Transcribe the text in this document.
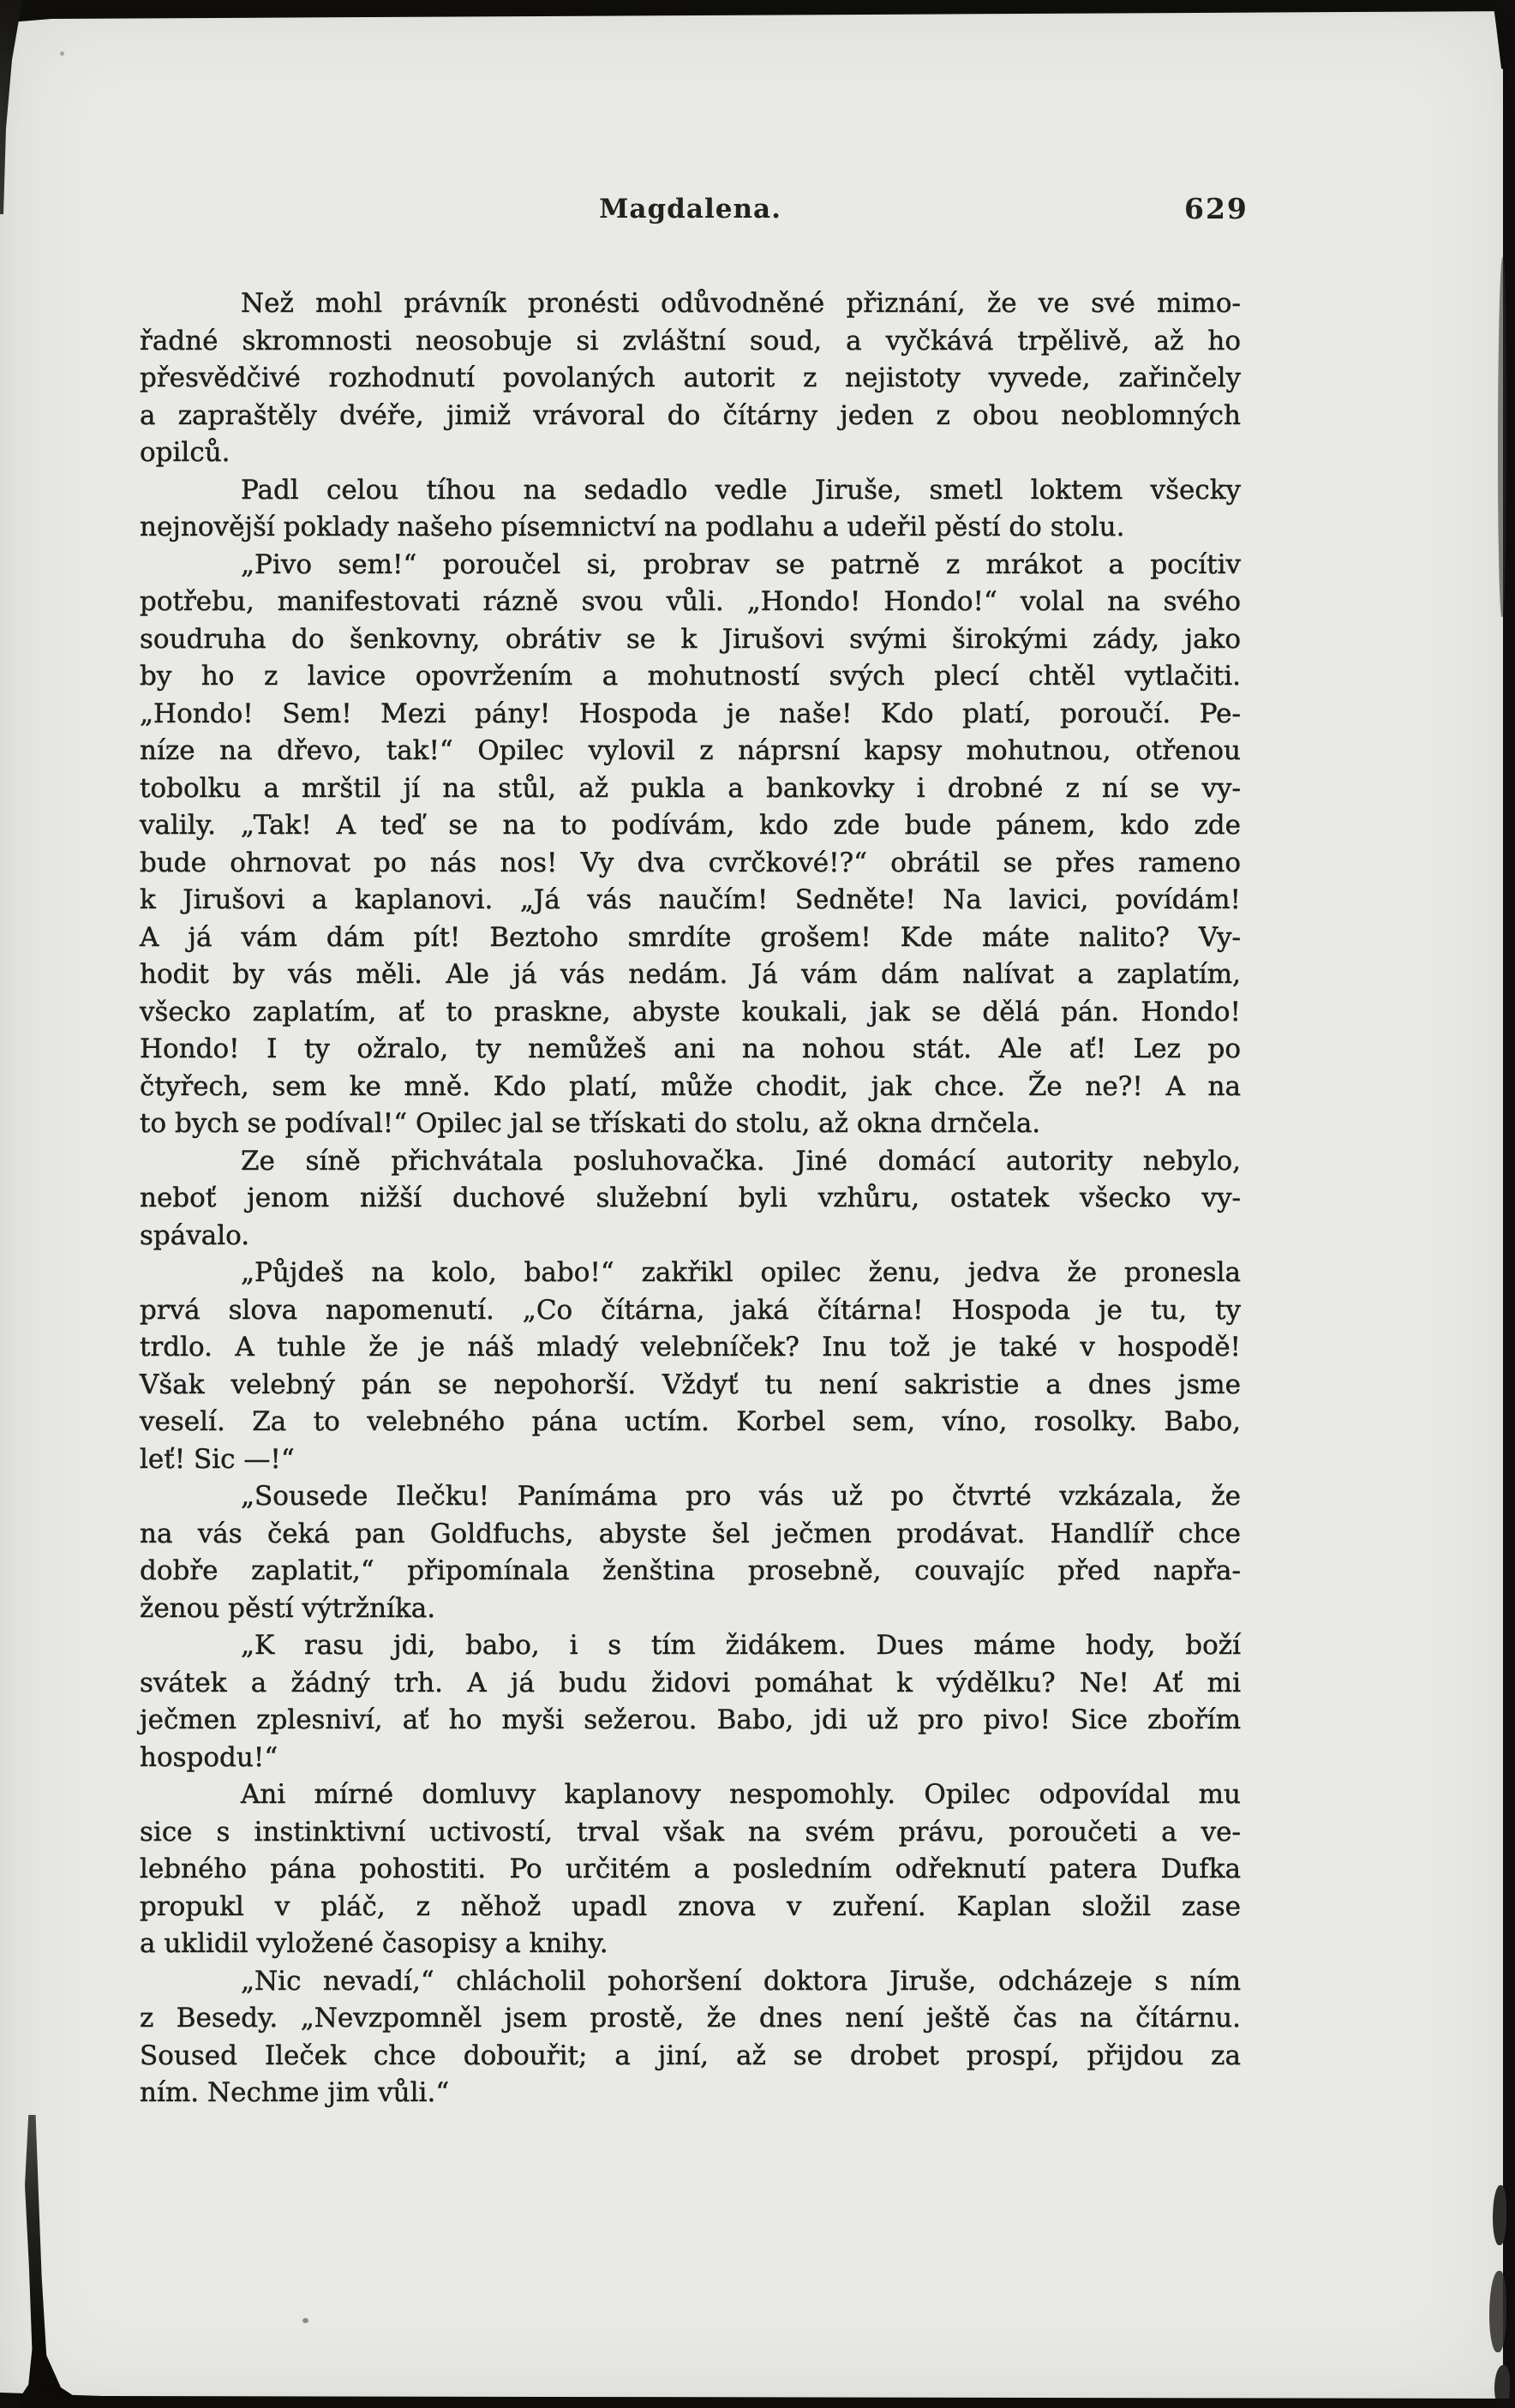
Magdalena.	629
Než mohl právník pronésti odůvodněné přiznání, že ve své mimo-
řadné skromnosti neosobuje si zvláštní soud, a vyčkává trpělivě, až ho
přesvědčivé rozhodnutí povolaných autorit z nejistoty vyvede, zařinčely
a zapraštěly dvéře, jimiž vrávoral do čítárny jeden z obou neoblomných
opilců.
Padl celou tíhou na sedadlo vedle Jiruše, smetl loktem všecky
nejnovější poklady našeho písemnictví na podlahu a udeřil pěstí do stolu.
„Pivo sem!“ poroučel si, probrav se patrně z mrákot a pocítiv
potřebu, manifestovati rázně svou vůli. „Hondo! Hondo!“ volal na svého
soudruha do šenkovny, obrátiv se k Jirušovi svými širokými zády, jako
by ho z lavice opovržením a mohutností svých plecí chtěl vytlačiti.
„Hondo! Sem! Mezi pány! Hospoda je naše! Kdo platí, poroučí. Pe-
níze na dřevo, tak!“ Opilec vylovil z náprsní kapsy mohutnou, otřenou
tobolku a mrštil jí na stůl, až pukla a bankovky i drobné z ní se vy-
valily. „Tak! A teď se na to podívám, kdo zde bude pánem, kdo zde
bude ohrnovat po nás nos! Vy dva cvrčkové!?“ obrátil se přes rameno
k Jirušovi a kaplanovi. „Já vás naučím! Sedněte! Na lavici, povídám!
A já vám dám pít! Beztoho smrdíte grošem! Kde máte nalito? Vy-
hodit by vás měli. Ale já vás nedám. Já vám dám nalívat a zaplatím,
všecko zaplatím, ať to praskne, abyste koukali, jak se dělá pán. Hondo!
Hondo! I ty ožralo, ty nemůžeš ani na nohou stát. Ale ať! Lez po
čtyřech, sem ke mně. Kdo platí, může chodit, jak chce. Že ne?! A na
to bych se podíval!“ Opilec jal se třískati do stolu, až okna drnčela.
Ze síně přichvátala posluhovačka. Jiné domácí autority nebylo,
neboť jenom nižší duchové služební byli vzhůru, ostatek všecko vy-
spávalo.
„Půjdeš na kolo, babo!“ zakřikl opilec ženu, jedva že pronesla
prvá slova napomenutí. „Co čítárna, jaká čítárna! Hospoda je tu, ty
trdlo. A tuhle že je náš mladý velebníček? Inu tož je také v hospodě!
Však velebný pán se nepohorší. Vždyť tu není sakristie a dnes jsme
veselí. Za to velebného pána uctím. Korbel sem, víno, rosolky. Babo,
leť! Sic —!“
„Sousede Ilečku! Panímáma pro vás už po čtvrté vzkázala, že
na vás čeká pan Goldfuchs, abyste šel ječmen prodávat. Handlíř chce
dobře zaplatit,“ připomínala ženština prosebně, couvajíc před napřa-
ženou pěstí výtržníka.
„K rasu jdi, babo, i s tím židákem. Dues máme hody, boží
svátek a žádný trh. A já budu židovi pomáhat k výdělku? Ne! Ať mi
ječmen zplesniví, ať ho myši sežerou. Babo, jdi už pro pivo! Sice zbořím
hospodu!“
Ani mírné domluvy kaplanovy nespomohly. Opilec odpovídal mu
sice s instinktivní uctivostí, trval však na svém právu, poroučeti a ve-
lebného pána pohostiti. Po určitém a posledním odřeknutí patera Dufka
propukl v pláč, z něhož upadl znova v zuření. Kaplan složil zase
a uklidil vyložené časopisy a knihy.
„Nic nevadí,“ chlácholil pohoršení doktora Jiruše, odcházeje s ním
z Besedy. „Nevzpomněl jsem prostě, že dnes není ještě čas na čítárnu.
Soused Ileček chce dobouřit; a jiní, až se drobet prospí, přijdou za
ním. Nechme jim vůli.“
